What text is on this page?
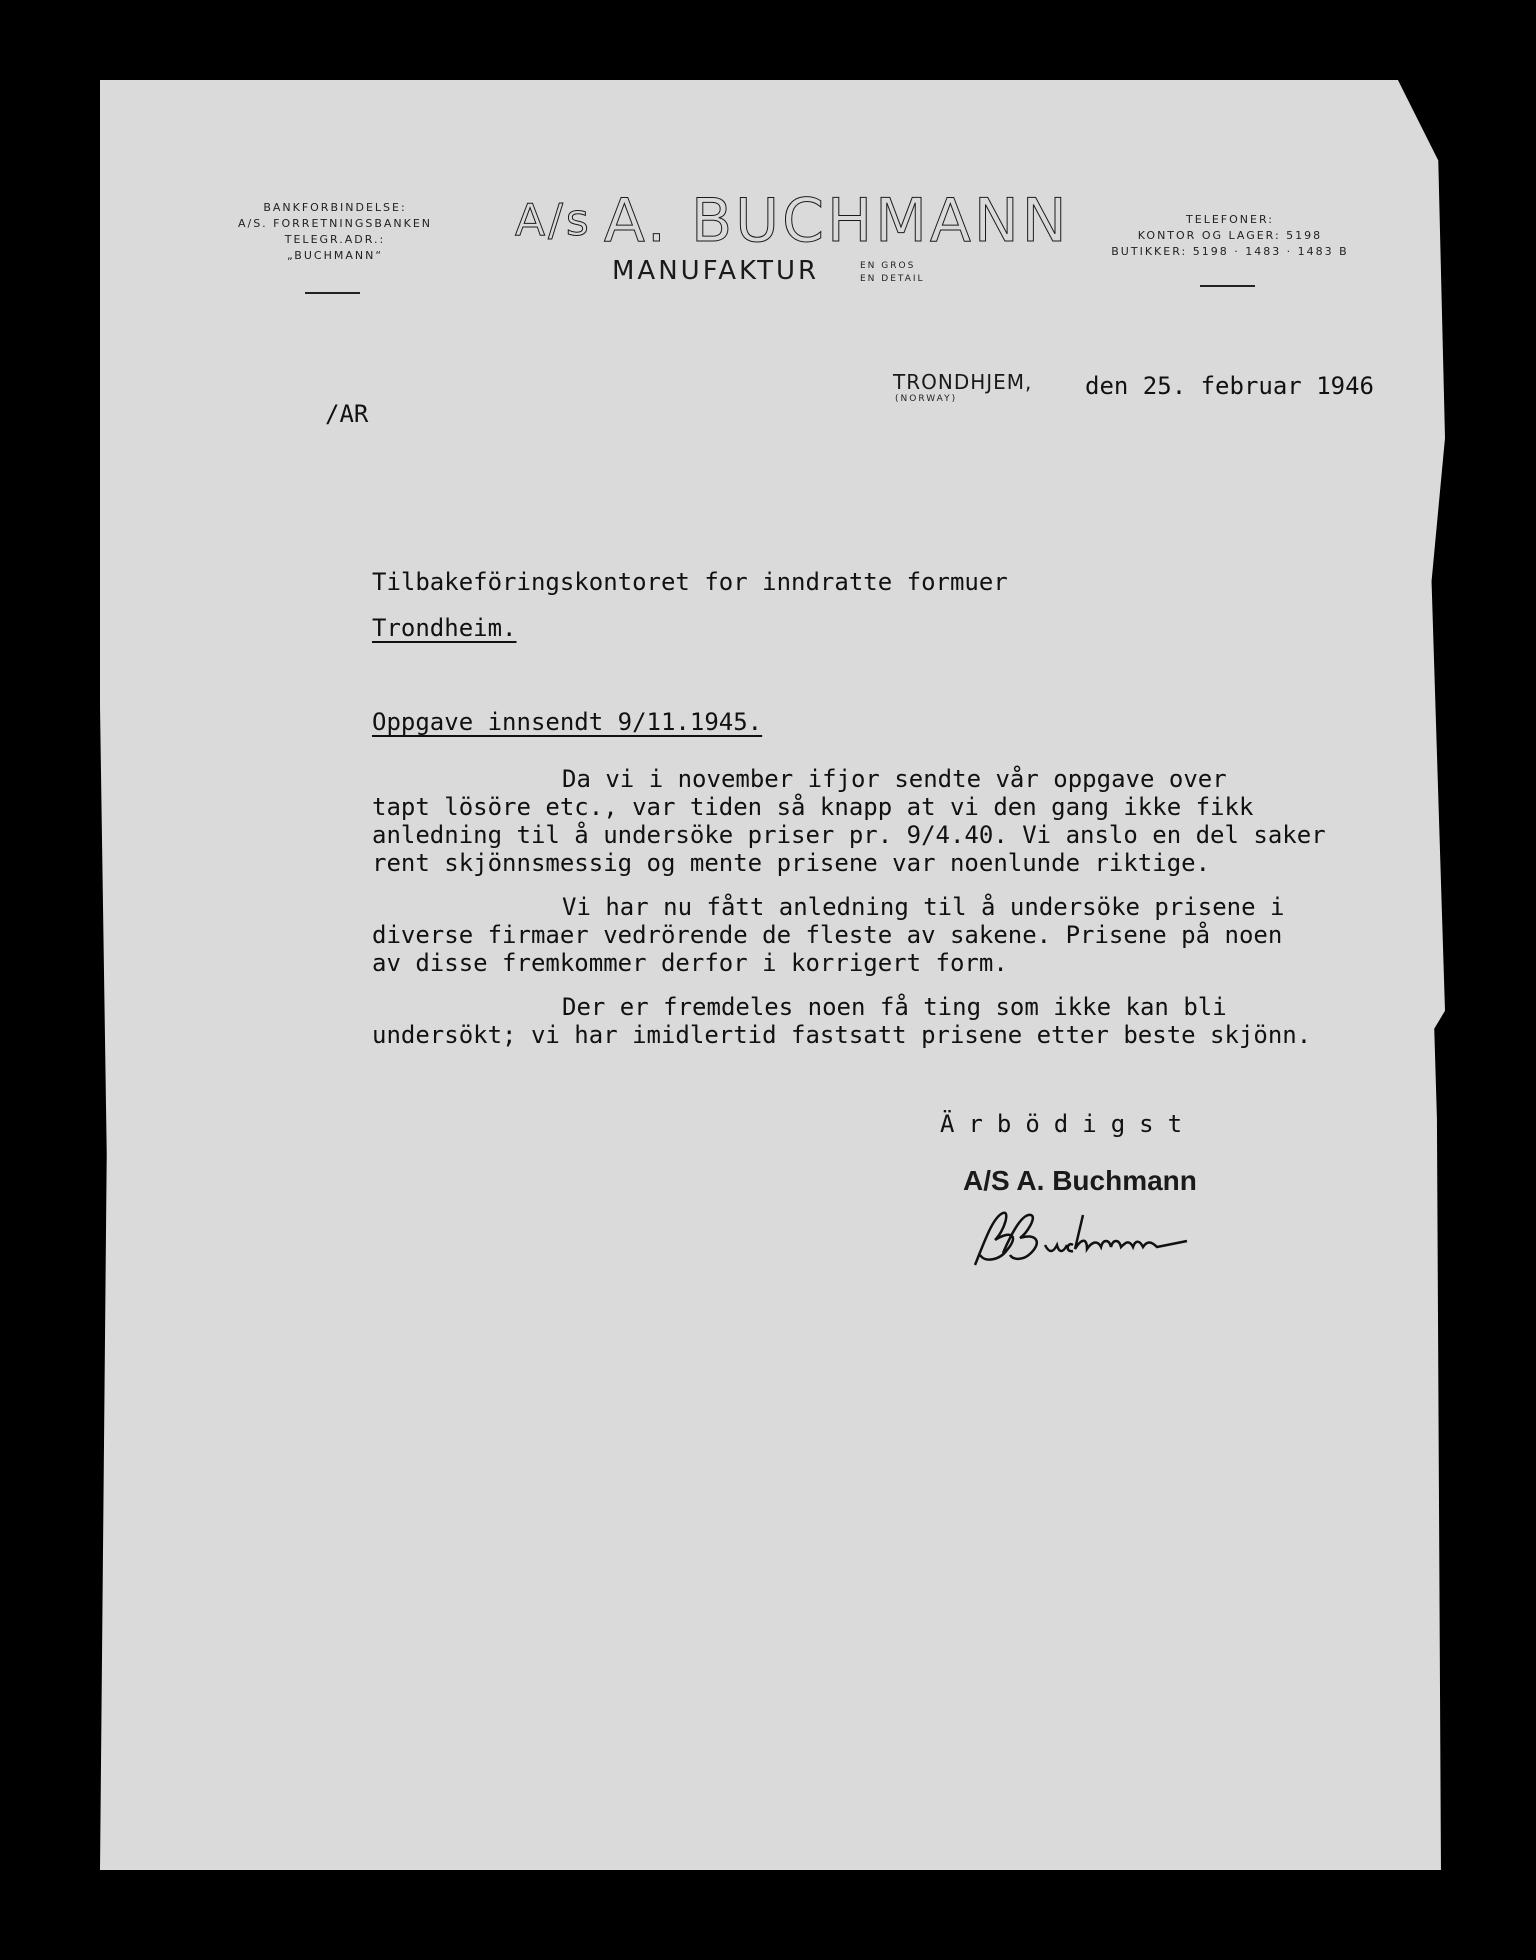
BANKFORBINDELSE:
A/S. FORRETNINGSBANKEN
TELEGR.ADR.:
„BUCHMANN“
A/s A. BUCHMANN
MANUFAKTUR	EN GROS
EN DETAIL
TELEFONER:
KONTOR OG LAGER: 5198
BUTIKKER: 5198 · 1483 · 1483 B
TRONDHJEM,
(NORWAY)	den 25. februar 1946
/AR
Tilbakeföringskontoret for inndratte formuer
Trondheim.
Oppgave innsendt 9/11.1945.
Da vi i november ifjor sendte vår oppgave over
tapt lösöre etc., var tiden så knapp at vi den gang ikke fikk
anledning til å undersöke priser pr. 9/4.40. Vi anslo en del saker
rent skjönnsmessig og mente prisene var noenlunde riktige.
Vi har nu fått anledning til å undersöke prisene i
diverse firmaer vedrörende de fleste av sakene. Prisene på noen
av disse fremkommer derfor i korrigert form.
Der er fremdeles noen få ting som ikke kan bli
undersökt; vi har imidlertid fastsatt prisene etter beste skjönn.
Ärbödigst
A/S A. Buchmann
